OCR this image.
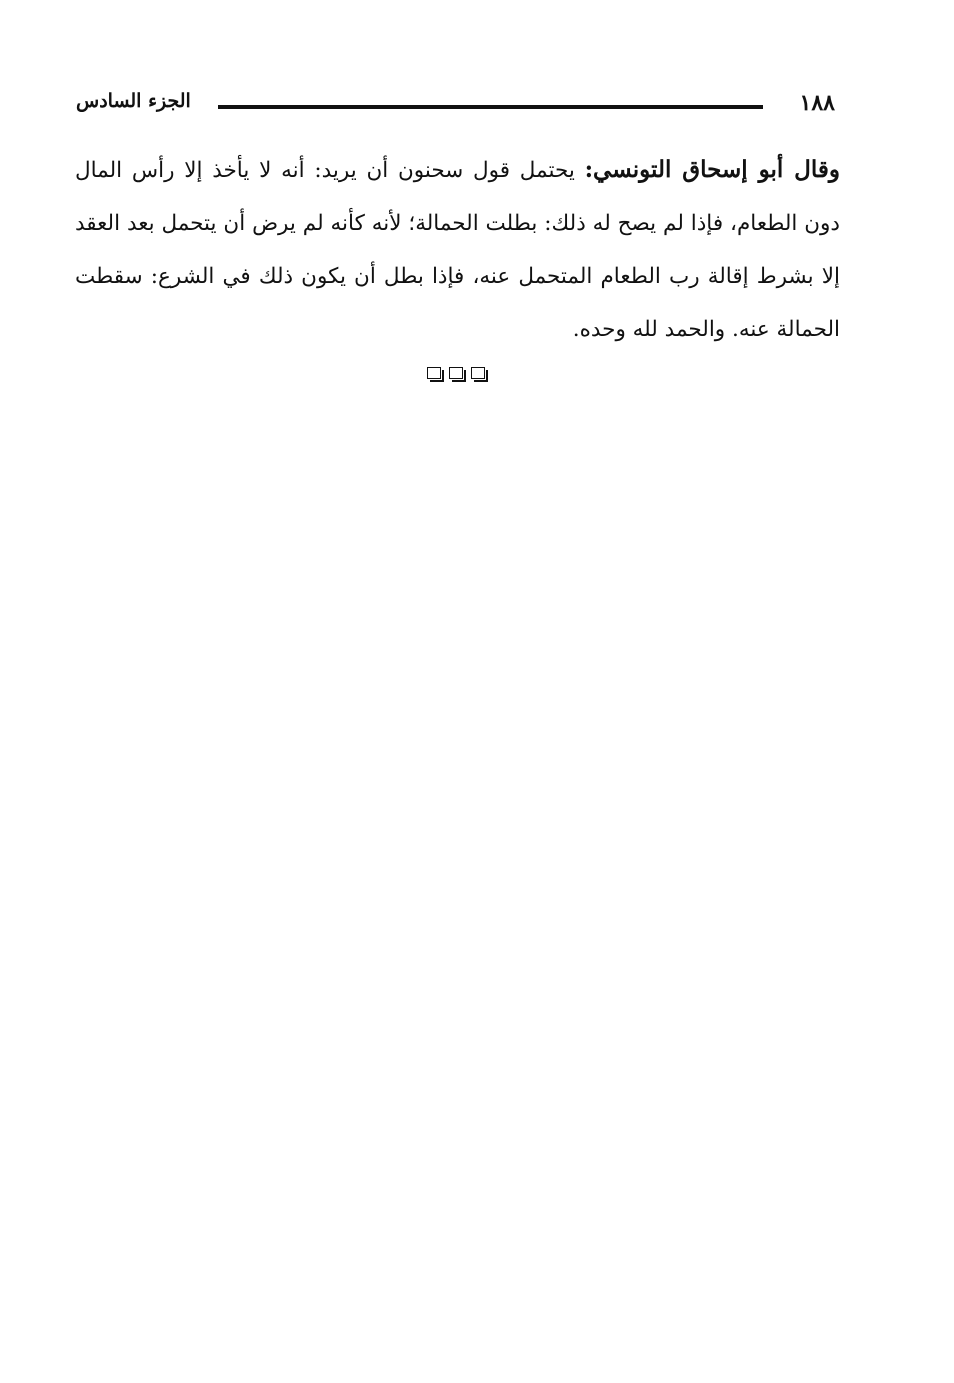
الجزء السادس	١٨٨

وقال أبو إسحاق التونسي: يحتمل قول سحنون أن يريد: أنه لا يأخذ إلا رأس المال دون الطعام، فإذا لم يصح له ذلك: بطلت الحمالة؛ لأنه كأنه لم يرض أن يتحمل بعد العقد إلا بشرط إقالة رب الطعام المتحمل عنه، فإذا بطل أن يكون ذلك في الشرع: سقطت الحمالة عنه. والحمد لله وحده.
